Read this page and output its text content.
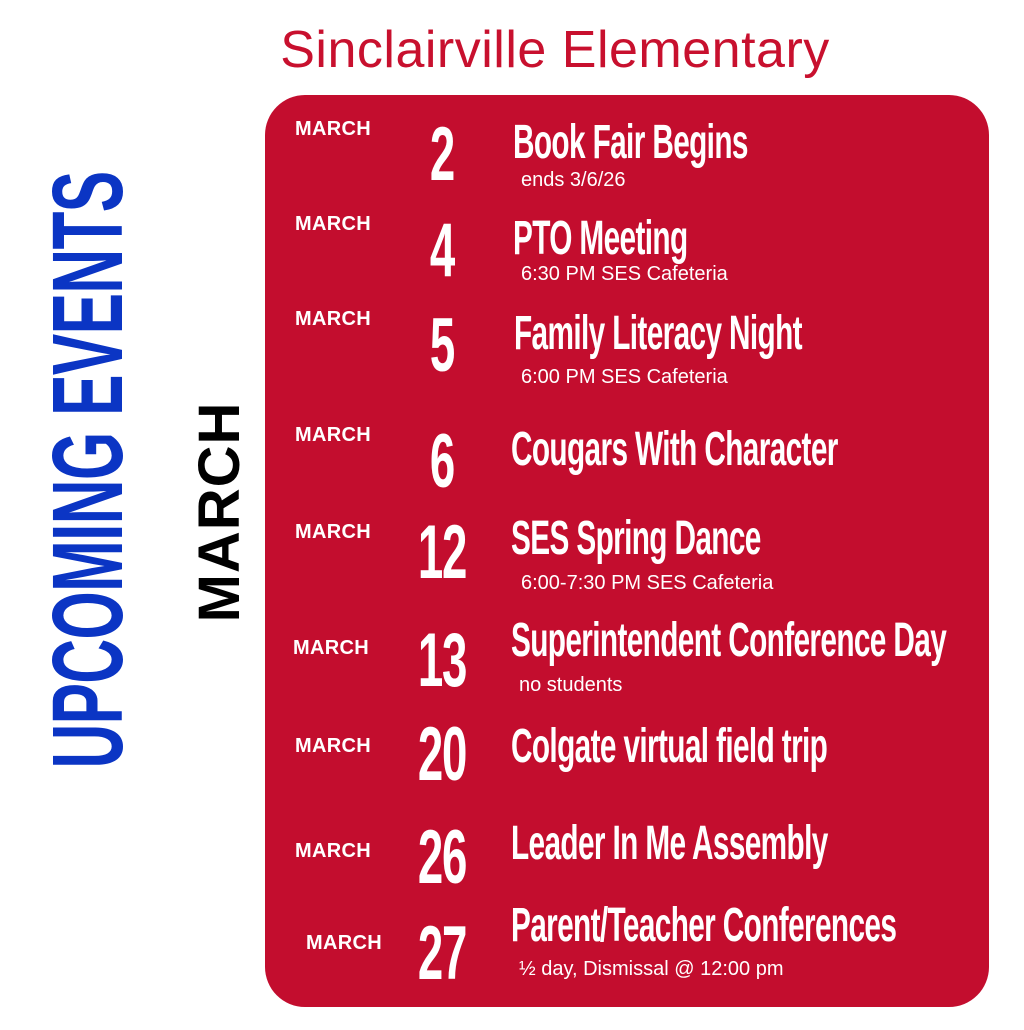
Sinclairville Elementary
UPCOMING EVENTS MARCH
MARCH 2	Book Fair Begins
ends 3/6/26
MARCH 4	PTO Meeting
6:30 PM SES Cafeteria
MARCH 5	Family Literacy Night
6:00 PM SES Cafeteria
MARCH 6	Cougars With Character
MARCH 12 SES Spring Dance
6:00-7:30 PM SES Cafeteria
MARCH 13 Superintendent Conference Day
no students
MARCH 20 Colgate virtual field trip
MARCH 26 Leader In Me Assembly
MARCH 27 Parent/Teacher Conferences
½ day, Dismissal @ 12:00 pm
